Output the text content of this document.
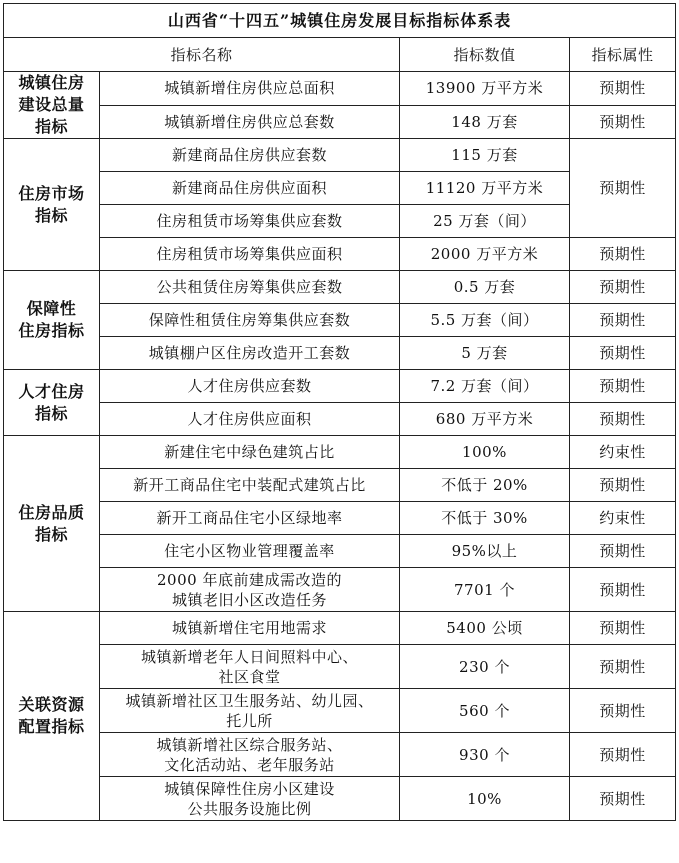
山西省“十四五”城镇住房发展目标指标体系表			
指标名称		指标数值	指标属性

城镇住房
建设总量
指标	城镇新增住房供应总面积	13900 万平方米	预期性

	城镇新增住房供应总套数	148 万套	预期性

住房市场
指标	新建商品住房供应套数	115 万套	预期性

	新建商品住房供应面积	11120 万平方米	

	住房租赁市场筹集供应套数	25 万套（间）	

	住房租赁市场筹集供应面积	2000 万平方米	预期性

保障性
住房指标	公共租赁住房筹集供应套数	0.5 万套	预期性

	保障性租赁住房筹集供应套数	5.5 万套（间）	预期性

	城镇棚户区住房改造开工套数	5 万套	预期性

人才住房
指标	人才住房供应套数	7.2 万套（间）	预期性

	人才住房供应面积	680 万平方米	预期性

住房品质
指标	新建住宅中绿色建筑占比	100%	约束性

	新开工商品住宅中装配式建筑占比	不低于 20%	预期性

	新开工商品住宅小区绿地率	不低于 30%	约束性

	住宅小区物业管理覆盖率	95%以上	预期性

	2000 年底前建成需改造的
城镇老旧小区改造任务	7701 个	预期性

关联资源
配置指标	城镇新增住宅用地需求	5400 公顷	预期性

	城镇新增老年人日间照料中心、
社区食堂	230 个	预期性

	城镇新增社区卫生服务站、幼儿园、
托儿所	560 个	预期性

	城镇新增社区综合服务站、
文化活动站、老年服务站	930 个	预期性

	城镇保障性住房小区建设
公共服务设施比例	10%	预期性
